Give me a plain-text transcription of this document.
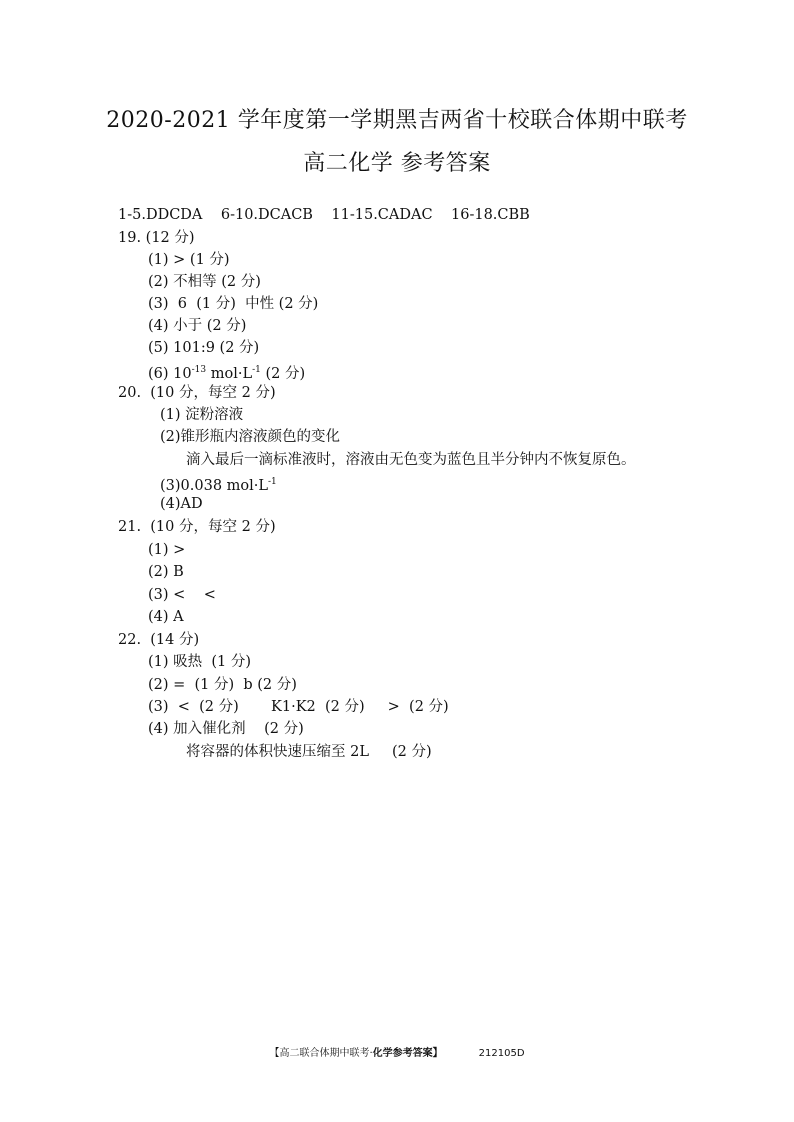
2020-2021 学年度第一学期黑吉两省十校联合体期中联考
高二化学 参考答案
1-5.DDCDA    6-10.DCACB    11-15.CADAC    16-18.CBB
19. (12 分)
(1) > (1 分)
(2) 不相等 (2 分)
(3)  6  (1 分)  中性 (2 分)
(4) 小于 (2 分)
(5) 101:9 (2 分)
(6) $10^{-13}$ $mol\cdot L^{-1}$ (2 分)
20.  (10 分，每空 2 分)
(1) 淀粉溶液
(2)锥形瓶内溶液颜色的变化
滴入最后一滴标准液时，溶液由无色变为蓝色且半分钟内不恢复原色。
(3)0.038 $mol\cdot L^{-1}$
(4)AD
21.  (10 分，每空 2 分)
(1) >
(2) B
(3) <    <
(4) A
22.  (14 分)
(1) 吸热  (1 分)
(2) =  (1 分)  b (2 分)
(3)  <  (2 分)       K1·K2  (2 分)     >  (2 分)
(4) 加入催化剂    (2 分)
将容器的体积快速压缩至 2L     (2 分)
【高二联合体期中联考·化学参考答案】	212105D
